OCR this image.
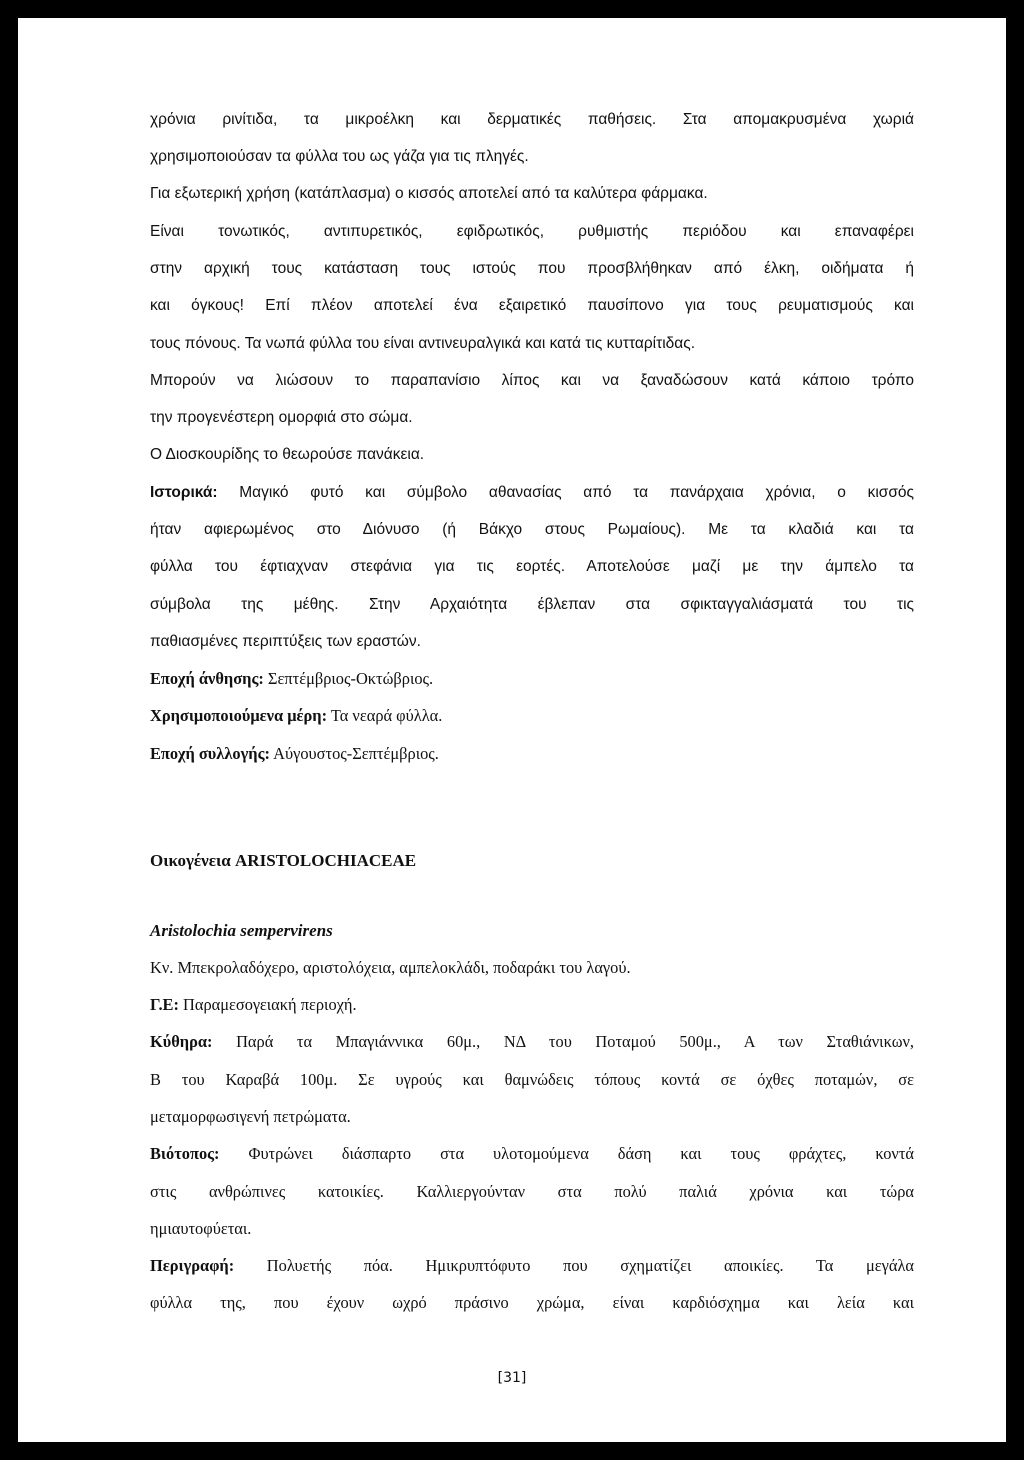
χρόνια ρινίτιδα, τα μικροέλκη και δερματικές παθήσεις. Στα απομακρυσμένα χωριά
χρησιμοποιούσαν τα φύλλα του ως γάζα για τις πληγές.
Για εξωτερική χρήση (κατάπλασμα) ο κισσός αποτελεί από τα καλύτερα φάρμακα.
Είναι τονωτικός, αντιπυρετικός, εφιδρωτικός, ρυθμιστής περιόδου και επαναφέρει
στην αρχική τους κατάσταση τους ιστούς που προσβλήθηκαν από έλκη, οιδήματα ή
και όγκους! Επί πλέον αποτελεί ένα εξαιρετικό παυσίπονο για τους ρευματισμούς και
τους πόνους. Τα νωπά φύλλα του είναι αντινευραλγικά και κατά τις κυτταρίτιδας.
Μπορούν να λιώσουν το παραπανίσιο λίπος και να ξαναδώσουν κατά κάποιο τρόπο
την προγενέστερη ομορφιά στο σώμα.
Ο Διοσκουρίδης το θεωρούσε πανάκεια.
Ιστορικά: Μαγικό φυτό και σύμβολο αθανασίας από τα πανάρχαια χρόνια, ο κισσός
ήταν αφιερωμένος στο Διόνυσο (ή Βάκχο στους Ρωμαίους). Με τα κλαδιά και τα
φύλλα του έφτιαχναν στεφάνια για τις εορτές. Αποτελούσε μαζί με την άμπελο τα
σύμβολα της μέθης. Στην Αρχαιότητα έβλεπαν στα σφικταγγαλιάσματά του τις
παθιασμένες περιπτύξεις των εραστών.
Εποχή άνθησης: Σεπτέμβριος-Οκτώβριος.
Χρησιμοποιούμενα μέρη: Τα νεαρά φύλλα.
Εποχή συλλογής: Αύγουστος-Σεπτέμβριος.
Οικογένεια ARISTOLOCHIACEAE
Aristolochia sempervirens
Κν. Μπεκρολαδόχερο, αριστολόχεια, αμπελοκλάδι, ποδαράκι του λαγού.
Γ.Ε: Παραμεσογειακή περιοχή.
Κύθηρα: Παρά τα Μπαγιάννικα 60μ., ΝΔ του Ποταμού 500μ., Α των Σταθιάνικων,
Β του Καραβά 100μ. Σε υγρούς και θαμνώδεις τόπους κοντά σε όχθες ποταμών, σε
μεταμορφωσιγενή πετρώματα.
Βιότοπος: Φυτρώνει διάσπαρτο στα υλοτομούμενα δάση και τους φράχτες, κοντά
στις ανθρώπινες κατοικίες. Καλλιεργούνταν στα πολύ παλιά χρόνια και τώρα
ημιαυτοφύεται.
Περιγραφή: Πολυετής πόα. Ημικρυπτόφυτο που σχηματίζει αποικίες. Τα μεγάλα
φύλλα της, που έχουν ωχρό πράσινο χρώμα, είναι καρδιόσχημα και λεία και
[31]
